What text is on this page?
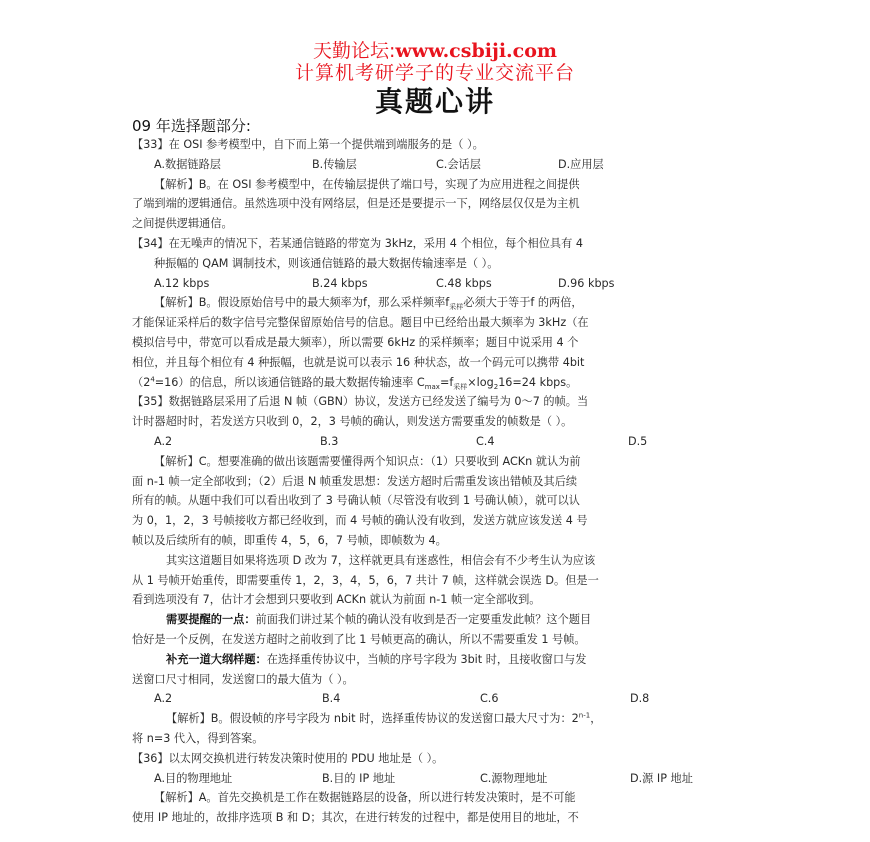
天勤论坛:www.csbiji.com
计算机考研学子的专业交流平台
真题心讲
09 年选择题部分:
【33】在 OSI 参考模型中，自下而上第一个提供端到端服务的是（ ）。
A.数据链路层	B.传输层	C.会话层	D.应用层
【解析】B。在 OSI 参考模型中，在传输层提供了端口号，实现了为应用进程之间提供
了端到端的逻辑通信。虽然选项中没有网络层，但是还是要提示一下，网络层仅仅是为主机
之间提供逻辑通信。
【34】在无噪声的情况下，若某通信链路的带宽为 3kHz，采用 4 个相位，每个相位具有 4
种振幅的 QAM 调制技术，则该通信链路的最大数据传输速率是（ ）。
A.12 kbps	B.24 kbps	C.48 kbps	D.96 kbps
【解析】B。假设原始信号中的最大频率为f，那么采样频率$f_{采样}$必须大于等于f 的两倍，
才能保证采样后的数字信号完整保留原始信号的信息。题目中已经给出最大频率为 3kHz（在
模拟信号中，带宽可以看成是最大频率），所以需要 6kHz 的采样频率；题目中说采用 4 个
相位，并且每个相位有 4 种振幅，也就是说可以表示 16 种状态，故一个码元可以携带 4bit
$(2^4=16)$的信息，所以该通信链路的最大数据传输速率 $C_{max}=f_{采样}\times\log_216=24$ kbps。
【35】数据链路层采用了后退 N 帧（GBN）协议，发送方已经发送了编号为 0～7 的帧。当
计时器超时时，若发送方只收到 0，2，3 号帧的确认，则发送方需要重发的帧数是（ ）。
A.2	B.3	C.4	D.5
【解析】C。想要准确的做出该题需要懂得两个知识点：（1）只要收到 ACKn 就认为前
面 n-1 帧一定全部收到；（2）后退 N 帧重发思想：发送方超时后需重发该出错帧及其后续
所有的帧。从题中我们可以看出收到了 3 号确认帧（尽管没有收到 1 号确认帧），就可以认
为 0，1，2，3 号帧接收方都已经收到，而 4 号帧的确认没有收到，发送方就应该发送 4 号
帧以及后续所有的帧，即重传 4，5，6，7 号帧，即帧数为 4。
其实这道题目如果将选项 D 改为 7，这样就更具有迷惑性，相信会有不少考生认为应该
从 1 号帧开始重传，即需要重传 1，2，3，4，5，6，7 共计 7 帧，这样就会误选 D。但是一
看到选项没有 7，估计才会想到只要收到 ACKn 就认为前面 n-1 帧一定全部收到。
需要提醒的一点：前面我们讲过某个帧的确认没有收到是否一定要重发此帧？这个题目
恰好是一个反例，在发送方超时之前收到了比 1 号帧更高的确认，所以不需要重发 1 号帧。
补充一道大纲样题：在选择重传协议中，当帧的序号字段为 3bit 时，且接收窗口与发
送窗口尺寸相同，发送窗口的最大值为（ ）。
A.2	B.4	C.6	D.8
【解析】B。假设帧的序号字段为 nbit 时，选择重传协议的发送窗口最大尺寸为：2$^{n-1}$，
将 n=3 代入，得到答案。
【36】以太网交换机进行转发决策时使用的 PDU 地址是（ ）。
A.目的物理地址	B.目的 IP 地址	C.源物理地址	D.源 IP 地址
【解析】A。首先交换机是工作在数据链路层的设备，所以进行转发决策时，是不可能
使用 IP 地址的，故排序选项 B 和 D；其次，在进行转发的过程中，都是使用目的地址，不
